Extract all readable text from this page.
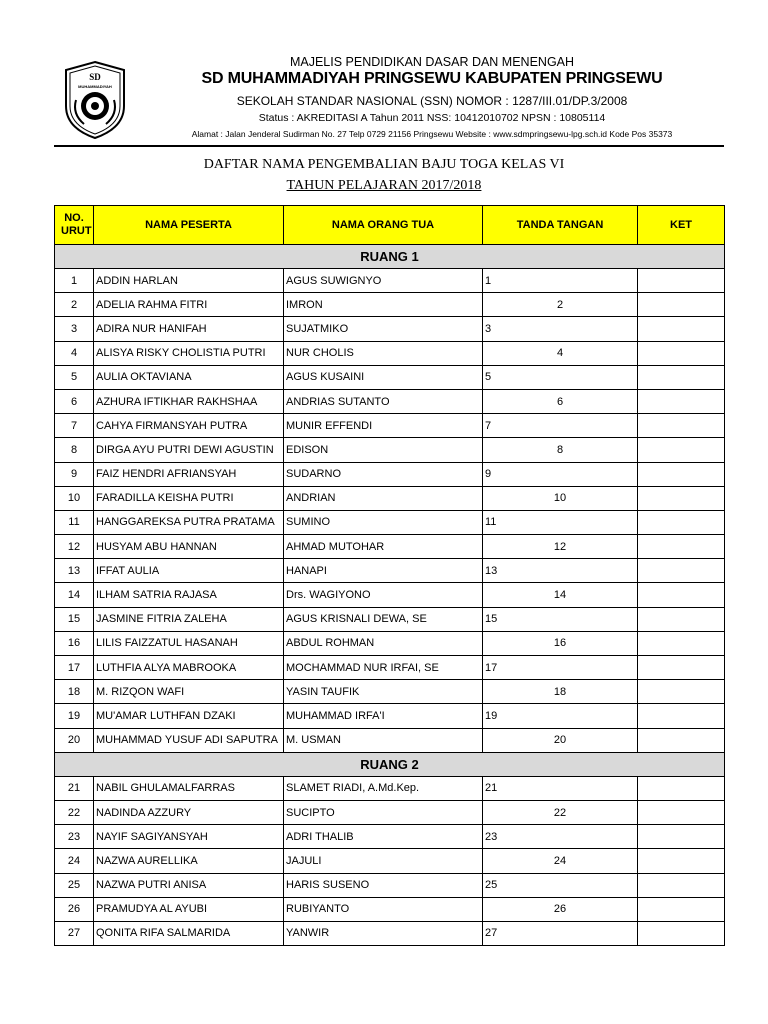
SD
MUHAMMADIYAH
MAJELIS PENDIDIKAN DASAR DAN MENENGAH
SD MUHAMMADIYAH PRINGSEWU KABUPATEN PRINGSEWU
SEKOLAH STANDAR NASIONAL (SSN) NOMOR : 1287/III.01/DP.3/2008
Status : AKREDITASI A Tahun 2011 NSS: 10412010702 NPSN : 10805114
Alamat : Jalan Jenderal Sudirman No. 27 Telp 0729 21156 Pringsewu Website : www.sdmpringsewu-lpg.sch.id Kode Pos 35373
DAFTAR NAMA PENGEMBALIAN BAJU TOGA KELAS VI
TAHUN PELAJARAN 2017/2018
NO. URUT	NAMA PESERTA	NAMA ORANG TUA	TANDA TANGAN	KET
RUANG 1				
1	ADDIN HARLAN	AGUS SUWIGNYO	1	
2	ADELIA RAHMA FITRI	IMRON	2	
3	ADIRA NUR HANIFAH	SUJATMIKO	3	
4	ALISYA RISKY CHOLISTIA PUTRI	NUR CHOLIS	4	
5	AULIA OKTAVIANA	AGUS KUSAINI	5	
6	AZHURA IFTIKHAR RAKHSHAA	ANDRIAS SUTANTO	6	
7	CAHYA FIRMANSYAH PUTRA	MUNIR EFFENDI	7	
8	DIRGA AYU PUTRI DEWI AGUSTIN	EDISON	8	
9	FAIZ HENDRI AFRIANSYAH	SUDARNO	9	
10	FARADILLA KEISHA PUTRI	ANDRIAN	10	
11	HANGGAREKSA PUTRA PRATAMA	SUMINO	11	
12	HUSYAM ABU HANNAN	AHMAD MUTOHAR	12	
13	IFFAT AULIA	HANAPI	13	
14	ILHAM SATRIA RAJASA	Drs. WAGIYONO	14	
15	JASMINE FITRIA ZALEHA	AGUS KRISNALI DEWA, SE	15	
16	LILIS FAIZZATUL HASANAH	ABDUL ROHMAN	16	
17	LUTHFIA ALYA MABROOKA	MOCHAMMAD NUR IRFAI, SE	17	
18	M. RIZQON WAFI	YASIN TAUFIK	18	
19	MU'AMAR LUTHFAN DZAKI	MUHAMMAD IRFA'I	19	
20	MUHAMMAD YUSUF ADI SAPUTRA	M. USMAN	20	
RUANG 2				
21	NABIL GHULAMALFARRAS	SLAMET RIADI, A.Md.Kep.	21	
22	NADINDA AZZURY	SUCIPTO	22	
23	NAYIF SAGIYANSYAH	ADRI THALIB	23	
24	NAZWA AURELLIKA	JAJULI	24	
25	NAZWA PUTRI ANISA	HARIS SUSENO	25	
26	PRAMUDYA AL AYUBI	RUBIYANTO	26	
27	QONITA RIFA SALMARIDA	YANWIR	27	
